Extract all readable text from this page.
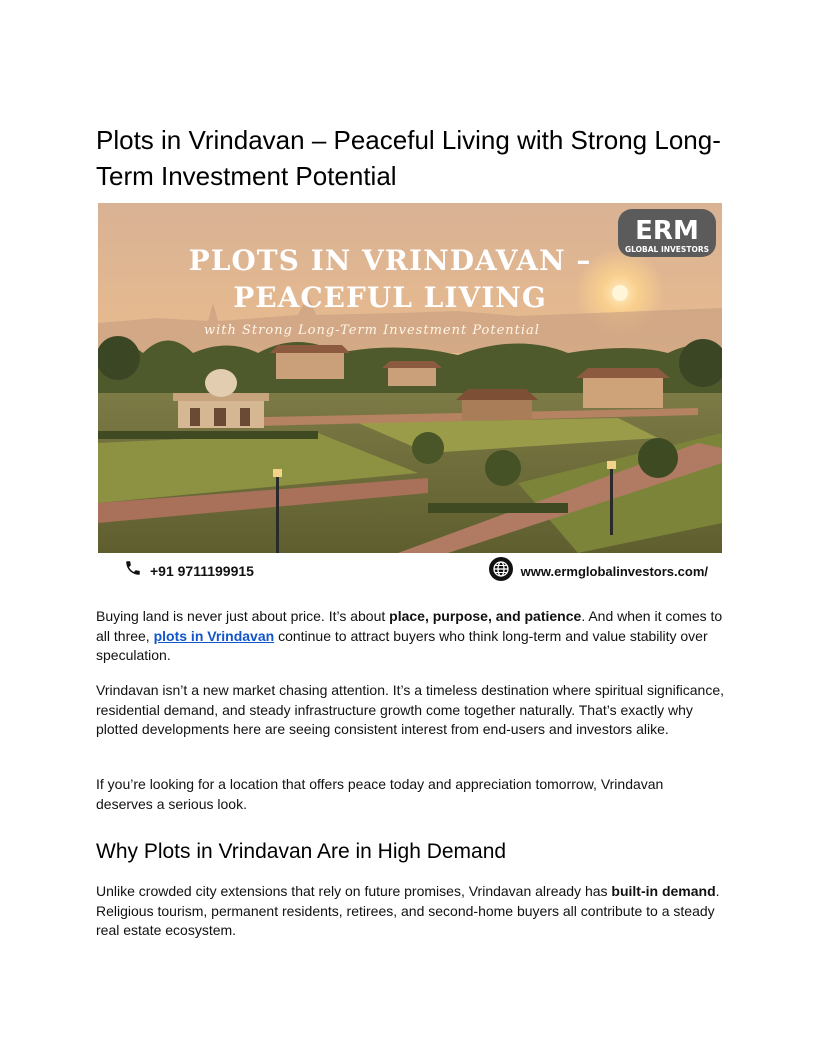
Plots in Vrindavan – Peaceful Living with Strong Long-Term Investment Potential
PLOTS IN VRINDAVAN –
PEACEFUL LIVING
with Strong Long-Term Investment Potential
ERM
GLOBAL INVESTORS
+91 9711199915	www.ermglobalinvestors.com/

Buying land is never just about price. It’s about place, purpose, and patience. And when it comes to all three, plots in Vrindavan continue to attract buyers who think long-term and value stability over speculation.

Vrindavan isn’t a new market chasing attention. It’s a timeless destination where spiritual significance, residential demand, and steady infrastructure growth come together naturally. That’s exactly why plotted developments here are seeing consistent interest from end-users and investors alike.

If you’re looking for a location that offers peace today and appreciation tomorrow, Vrindavan deserves a serious look.

Why Plots in Vrindavan Are in High Demand

Unlike crowded city extensions that rely on future promises, Vrindavan already has built-in demand. Religious tourism, permanent residents, retirees, and second-home buyers all contribute to a steady real estate ecosystem.
